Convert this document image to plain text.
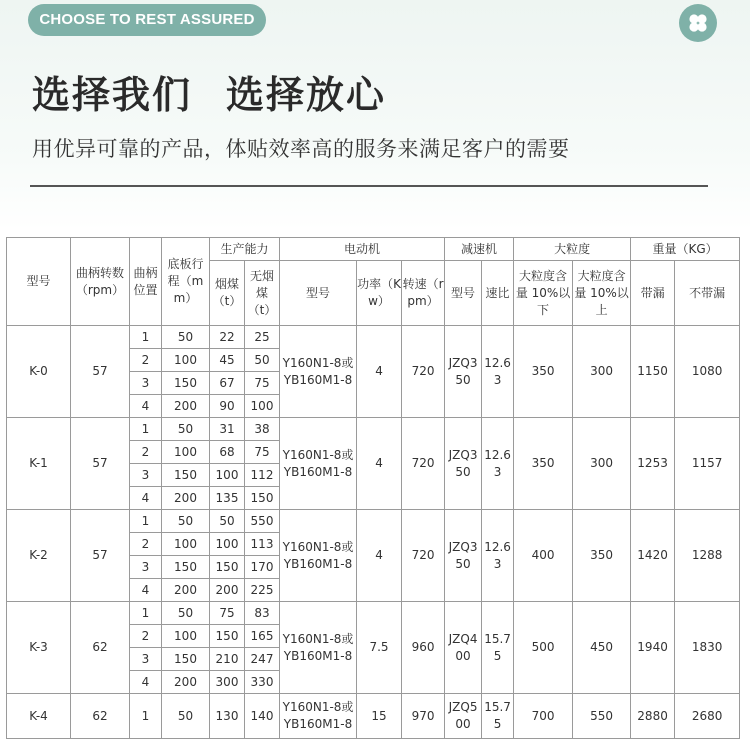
CHOOSE TO REST ASSURED
选择我们 选择放心
用优异可靠的产品，体贴效率高的服务来满足客户的需要
型号	曲柄转数（rpm）	曲柄位置	底板行程（mm）	生产能力		电动机			减速机		大粒度		重量（KG）	
				烟煤（t）	无烟煤（t）	型号	功率（Kw）	转速（rpm）	型号	速比	大粒度含量 10%以下	大粒度含量 10%以上	带漏	不带漏
K-0	57	1	50	22	25	Y160N1-8或YB160M1-8	4	720	JZQ350	12.63	350	300	1150	1080
		2	100	45	50									
		3	150	67	75									
		4	200	90	100									
K-1	57	1	50	31	38	Y160N1-8或YB160M1-8	4	720	JZQ350	12.63	350	300	1253	1157
		2	100	68	75									
		3	150	100	112									
		4	200	135	150									
K-2	57	1	50	50	550	Y160N1-8或YB160M1-8	4	720	JZQ350	12.63	400	350	1420	1288
		2	100	100	113									
		3	150	150	170									
		4	200	200	225									
K-3	62	1	50	75	83	Y160N1-8或YB160M1-8	7.5	960	JZQ400	15.75	500	450	1940	1830
		2	100	150	165									
		3	150	210	247									
		4	200	300	330									
K-4	62	1	50	130	140	Y160N1-8或YB160M1-8	15	970	JZQ500	15.75	700	550	2880	2680
